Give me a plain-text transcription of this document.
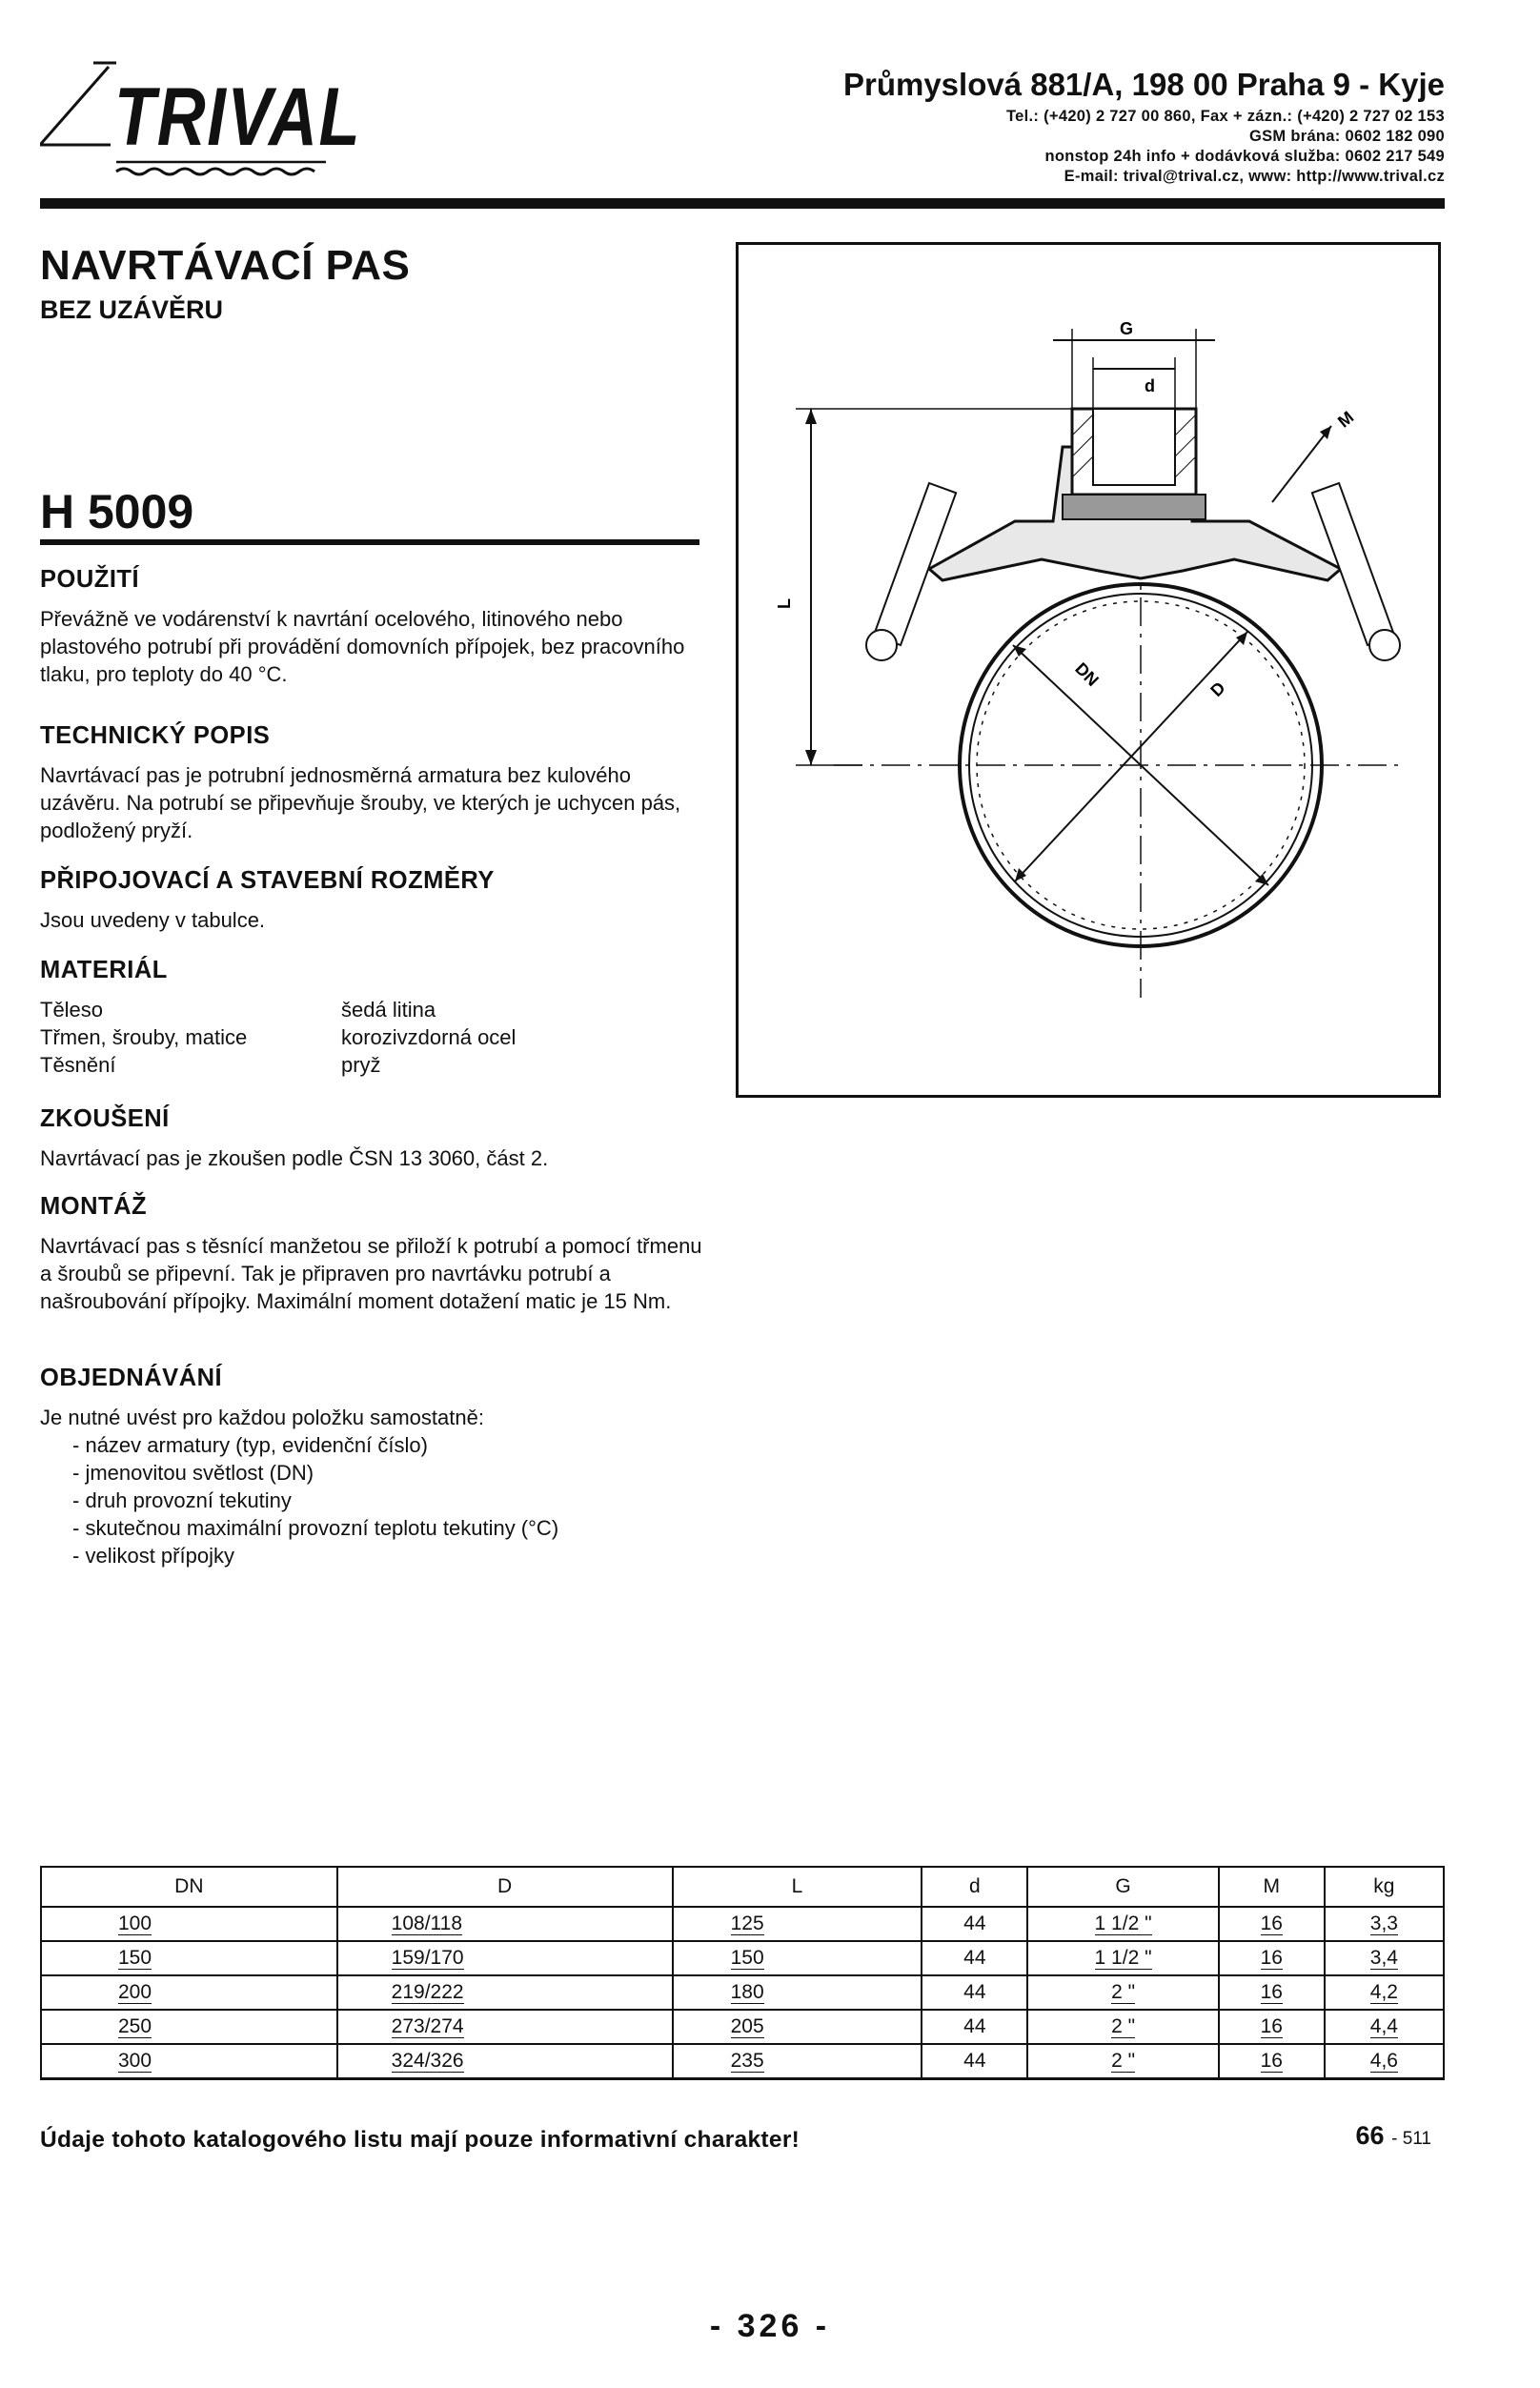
TRIVAL	Průmyslová 881/A, 198 00 Praha 9 - Kyje
Tel.: (+420) 2 727 00 860, Fax + zázn.: (+420) 2 727 02 153
GSM brána: 0602 182 090
nonstop 24h info + dodávková služba: 0602 217 549
E-mail: trival@trival.cz, www: http://www.trival.cz
NAVRTÁVACÍ PAS
BEZ UZÁVĚRU
H 5009
POUŽITÍ

Převážně ve vodárenství k navrtání ocelového, litinového nebo plastového potrubí při provádění domovních přípojek, bez pracovního tlaku, pro teploty do 40 °C.

TECHNICKÝ POPIS

Navrtávací pas je potrubní jednosměrná armatura bez kulového uzávěru. Na potrubí se připevňuje šrouby, ve kterých je uchycen pás, podložený pryží.

PŘIPOJOVACÍ A STAVEBNÍ ROZMĚRY

Jsou uvedeny v tabulce.

MATERIÁL
Těleso	šedá litina
Třmen, šrouby, matice	korozivzdorná ocel
Těsnění	pryž
ZKOUŠENÍ

Navrtávací pas je zkoušen podle ČSN 13 3060, část 2.

MONTÁŽ

Navrtávací pas s těsnící manžetou se přiloží k potrubí a pomocí třmenu a šroubů se připevní. Tak je připraven pro navrtávku potrubí a našroubování přípojky. Maximální moment dotažení matic je 15 Nm.

OBJEDNÁVÁNÍ

Je nutné uvést pro každou položku samostatně:

- název armatury (typ, evidenční číslo)
- jmenovitou světlost (DN)
- druh provozní tekutiny
- skutečnou maximální provozní teplotu tekutiny (°C)
- velikost přípojky
G
d
M
L
DN	D
DN	D	L	d	G	M	kg
100	108/118	125	44	1 1/2 "	16	3,3
150	159/170	150	44	1 1/2 "	16	3,4
200	219/222	180	44	2 "	16	4,2
250	273/274	205	44	2 "	16	4,4
300	324/326	235	44	2 "	16	4,6
Údaje tohoto katalogového listu mají pouze informativní charakter!	66 - 511
- 326 -
